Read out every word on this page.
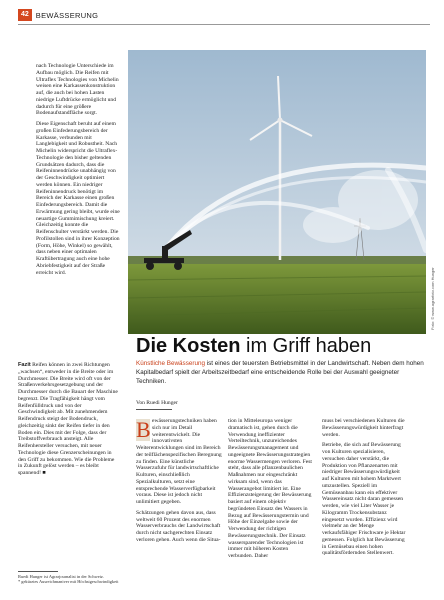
42 BEWÄSSERUNG

nach Technologie Unterschiede im Aufbau möglich. Die Reifen mit Ultraflex Technologies von Michelin weisen eine Karkassenkonstruktion auf, die auch bei hohen Lasten niedrige Luftdrücke ermöglicht und dadurch für eine größere Bodenaufstandfläche sorgt.

Diese Eigenschaft beruht auf einem großen Einfederungsbereich der Karkasse, verbunden mit Langlebigkeit und Robustheit. Nach Michelin widerspricht die Ultraflex-Technologie den bisher geltenden Grundsätzen dadurch, dass die Reifeninnendrücke unabhängig von der Geschwindigkeit optimiert werden können. Ein niedriger Reifeninnendruck benötigt im Bereich der Karkasse einen großen Einfederungsbereich. Damit die Erwärmung gering bleibt, wurde eine neuartige Gummimischung kreiert. Gleichzeitig konnte die Reifenschulter verstärkt werden. Die Profilstollen sind in ihrer Konzeption (Form, Höhe, Winkel) so gewählt, dass neben einer optimalen Kraftübertragung auch eine hohe Abriebfestigkeit auf der Straße erreicht wird.

Fazit Reifen können in zwei Richtungen „wachsen“, entweder in die Breite oder im Durchmesser. Die Breite wird oft von der Straßenverkehrsgesetzgebung und der Durchmesser durch die Bauart der Maschine begrenzt. Die Tragfähigkeit hängt vom Reifenfülldruck und von der Geschwindigkeit ab. Mit zunehmendem Reifendruck steigt der Bodendruck, gleichzeitig sinkt der Reifen tiefer in den Boden ein. Dies mit der Folge, dass der Treibstoffverbrauch ansteigt. Alle Reifenhersteller versuchen, mit neuer Technologie diese Grenzerscheinungen in den Griff zu bekommen. Wie die Probleme in Zukunft gelöst werden – es bleibt spannend! ■

Ruedi Hunger ist Agrarjournalist in der Schweiz.
* gekürztes Ausreichmaniver mit Höchstgeschwindigkeit
Foto: © www.agrarfoto.com Hunger
Die Kosten im Griff haben
Künstliche Bewässerung ist eines der teuersten Betriebsmittel in der Landwirtschaft. Neben dem hohen Kapitalbedarf spielt der Arbeitszeitbedarf eine entscheidende Rolle bei der Auswahl geeigneter Techniken.
Von Ruedi Hunger

B ewässerungstechniken haben sich nur im Detail weiterentwickelt. Die innovativsten Weiterentwicklungen sind im Bereich der teilflächenspezifischen Beregnung zu finden. Eine künstliche Wasserzufuhr für landwirtschaftliche Kulturen, einschließlich Spezialkulturen, setzt eine entsprechende Wasserverfügbarkeit voraus. Diese ist jedoch nicht unlimitiert gegeben.

Schätzungen gehen davon aus, dass weltweit 60 Prozent des enormen Wasserverbrauchs der Landwirtschaft durch nicht sachgerechten Einsatz verloren gehen. Auch wenn die Situa-

tion in Mitteleuropa weniger dramatisch ist, gehen durch die Verwendung ineffizienter Verteiltechnik, unzureichendes Bewässerungsmanagement und ungeeignete Bewässerungsstrategien enorme Wassermengen verloren. Fest steht, dass alle pflanzenbaulichen Maßnahmen nur eingeschränkt wirksam sind, wenn das Wasserangebot limitiert ist. Eine Effizienzsteigerung der Bewässerung basiert auf einem objektiv begründeten Einsatz des Wassers in Bezug auf Bewässerungstermin und Höhe der Einzelgabe sowie der Verwendung der richtigen Bewässerungstechnik. Der Einsatz wassersparender Technologien ist immer mit höheren Kosten verbunden. Daher

muss bei verschiedenen Kulturen die Bewässerungswürdigkeit hinterfragt werden.

Betriebe, die sich auf Bewässerung von Kulturen spezialisieren, versuchen daher verstärkt, die Produktion von Pflanzenarten mit niedriger Bewässerungswürdigkeit auf Kulturen mit hohem Marktwert umzustellen. Speziell im Gemüseanbau kann ein effektiver Wassereinsatz nicht daran gemessen werden, wie viel Liter Wasser je Kilogramm Trockensubstanz eingesetzt wurden. Effizienz wird vielmehr an der Menge verkaufsfähiger Frischware je Hektar gemessen. Folglich hat Bewässerung in Gemüsebau einen hohen qualitätsfördernden Stellenwert.
